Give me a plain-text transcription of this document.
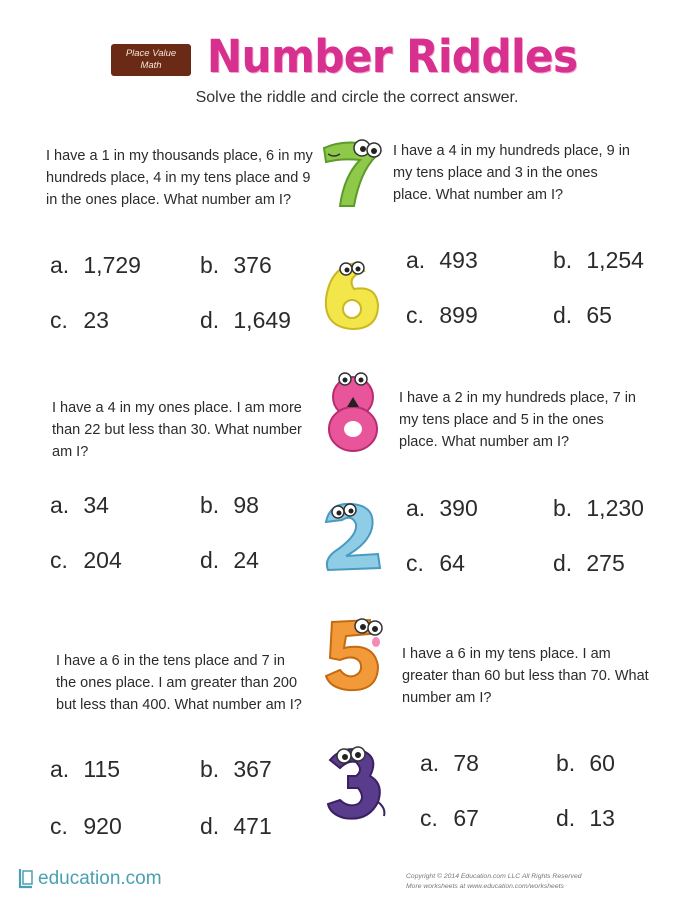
Place Value
Math	Number Riddles
Solve the riddle and circle the correct answer.
I have a 1 in my thousands place, 6 in my hundreds place, 4 in my tens place and 9 in the ones place. What number am I?
a. 1,729	b. 376
c. 23	d. 1,649
I have a 4 in my hundreds place, 9 in my tens place and 3 in the ones place. What number am I?
a. 493	b. 1,254
c. 899	d. 65
I have a 4 in my ones place. I am more than 22 but less than 30. What number am I?
a. 34	b. 98
c. 204	d. 24
I have a 2 in my hundreds place, 7 in my tens place and 5 in the ones place. What number am I?
a. 390	b. 1,230
c. 64	d. 275
I have a 6 in the tens place and 7 in the ones place. I am greater than 200 but less than 400. What number am I?
a. 115	b. 367
c. 920	d. 471
I have a 6 in my tens place. I am greater than 60 but less than 70. What number am I?
a. 78	b. 60
c. 67	d. 13
education.com	Copyright © 2014 Education.com LLC All Rights Reserved
More worksheets at www.education.com/worksheets
